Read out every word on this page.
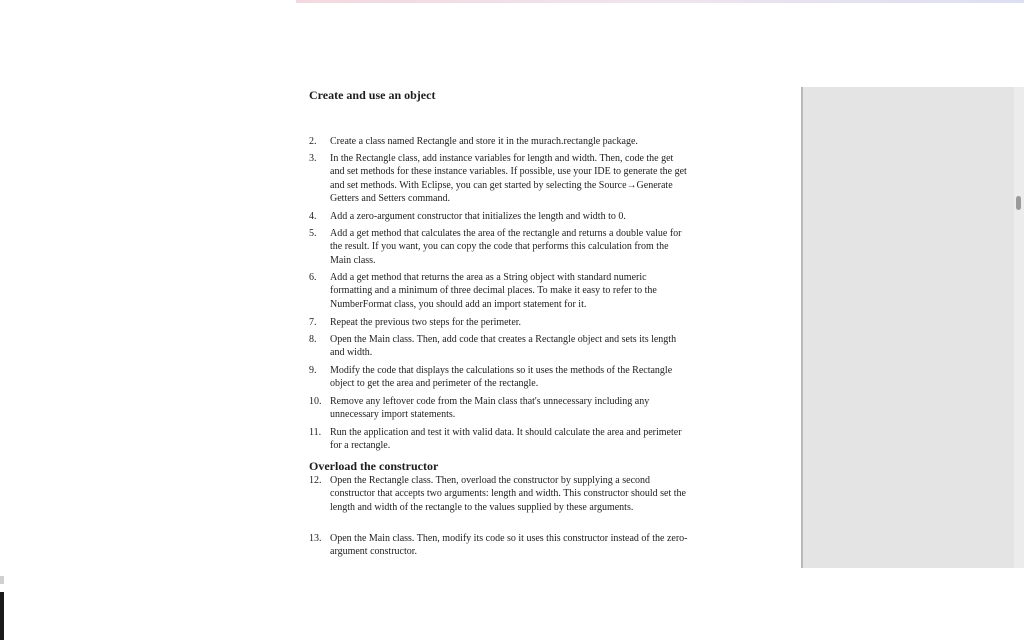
Create and use an object
2.	Create a class named Rectangle and store it in the murach.rectangle package.
3.	In the Rectangle class, add instance variables for length and width. Then, code the get and set methods for these instance variables. If possible, use your IDE to generate the get and set methods. With Eclipse, you can get started by selecting the Source→Generate Getters and Setters command.
4.	Add a zero-argument constructor that initializes the length and width to 0.
5.	Add a get method that calculates the area of the rectangle and returns a double value for the result. If you want, you can copy the code that performs this calculation from the Main class.
6.	Add a get method that returns the area as a String object with standard numeric formatting and a minimum of three decimal places. To make it easy to refer to the NumberFormat class, you should add an import statement for it.
7.	Repeat the previous two steps for the perimeter.
8.	Open the Main class. Then, add code that creates a Rectangle object and sets its length and width.
9.	Modify the code that displays the calculations so it uses the methods of the Rectangle object to get the area and perimeter of the rectangle.
10. Remove any leftover code from the Main class that's unnecessary including any unnecessary import statements.
11. Run the application and test it with valid data. It should calculate the area and perimeter for a rectangle.
Overload the constructor
12. Open the Rectangle class. Then, overload the constructor by supplying a second constructor that accepts two arguments: length and width. This constructor should set the length and width of the rectangle to the values supplied by these arguments.
13. Open the Main class. Then, modify its code so it uses this constructor instead of the zero-argument constructor.
